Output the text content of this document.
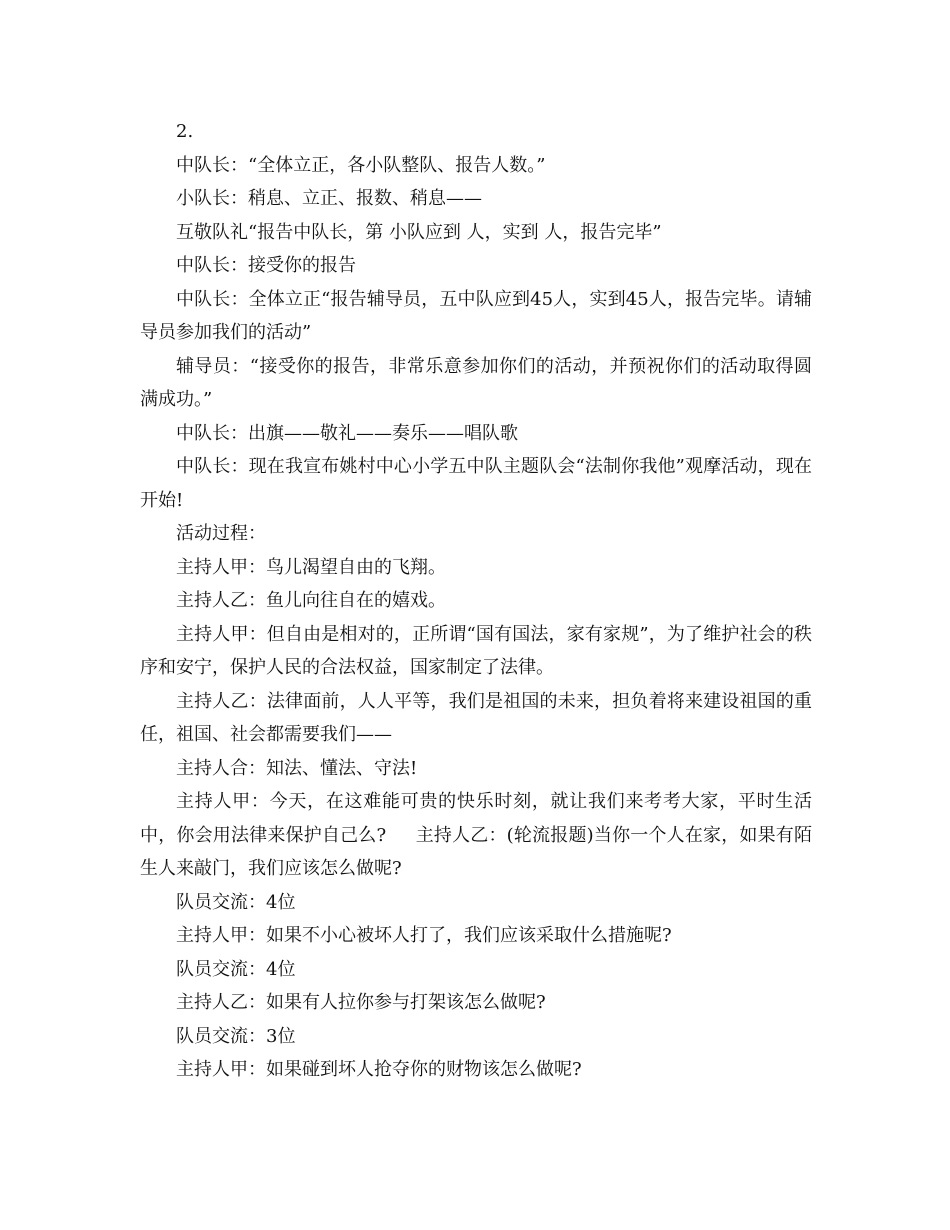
2.

中队长：“全体立正，各小队整队、报告人数。”

小队长：稍息、立正、报数、稍息——

互敬队礼“报告中队长，第 小队应到 人，实到 人，报告完毕”

中队长：接受你的报告

中队长：全体立正“报告辅导员，五中队应到45人，实到45人，报告完毕。请辅导员参加我们的活动”

辅导员：“接受你的报告，非常乐意参加你们的活动，并预祝你们的活动取得圆满成功。”

中队长：出旗——敬礼——奏乐——唱队歌

中队长：现在我宣布姚村中心小学五中队主题队会“法制你我他”观摩活动，现在开始!

活动过程：

主持人甲：鸟儿渴望自由的飞翔。

主持人乙：鱼儿向往自在的嬉戏。

主持人甲：但自由是相对的，正所谓“国有国法，家有家规”，为了维护社会的秩序和安宁，保护人民的合法权益，国家制定了法律。

主持人乙：法律面前，人人平等，我们是祖国的未来，担负着将来建设祖国的重任，祖国、社会都需要我们——

主持人合：知法、懂法、守法!

主持人甲：今天，在这难能可贵的快乐时刻，就让我们来考考大家，平时生活中，你会用法律来保护自己么?     主持人乙：(轮流报题)当你一个人在家，如果有陌生人来敲门，我们应该怎么做呢?

队员交流：4位

主持人甲：如果不小心被坏人打了，我们应该采取什么措施呢?

队员交流：4位

主持人乙：如果有人拉你参与打架该怎么做呢?

队员交流：3位

主持人甲：如果碰到坏人抢夺你的财物该怎么做呢?
